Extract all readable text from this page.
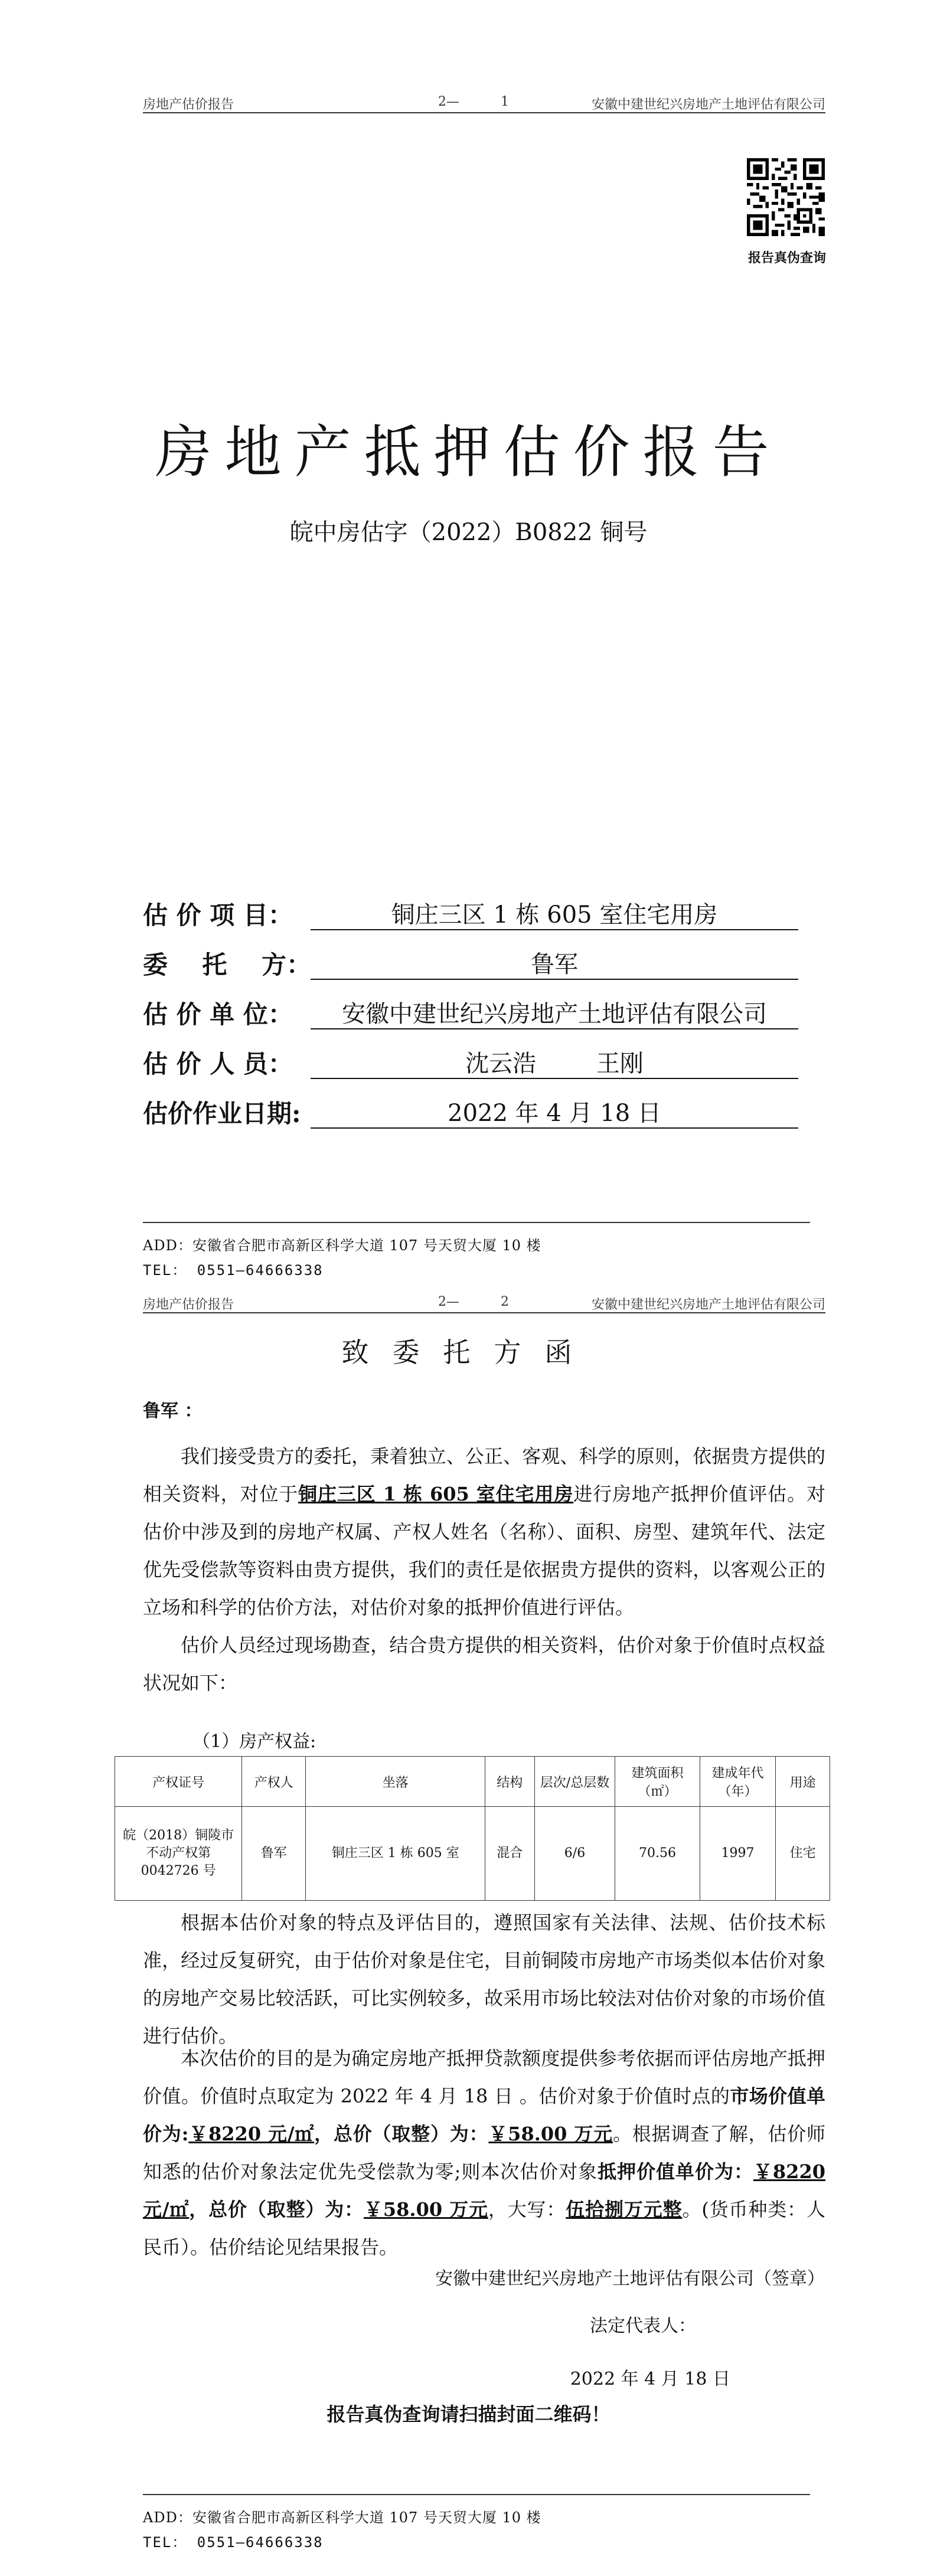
房地产估价报告	2—	1	安徽中建世纪兴房地产土地评估有限公司
报告真伪查询
房地产抵押估价报告
皖中房估字（2022）B0822 铜号
估 价 项 目：	铜庄三区 1 栋 605 室住宅用房
委    托    方：	鲁军
估 价 单 位：	安徽中建世纪兴房地产土地评估有限公司
估 价 人 员：	沈云浩        王刚
估价作业日期:	2022 年 4 月 18 日
ADD：安徽省合肥市高新区科学大道 107 号天贸大厦 10 楼
TEL： 0551—64666338
房地产估价报告	2—	2	安徽中建世纪兴房地产土地评估有限公司
致委托方函
鲁军 ：

我们接受贵方的委托，秉着独立、公正、客观、科学的原则，依据贵方提供的相关资料，对位于铜庄三区 1 栋 605 室住宅用房进行房地产抵押价值评估。对估价中涉及到的房地产权属、产权人姓名（名称）、面积、房型、建筑年代、法定优先受偿款等资料由贵方提供，我们的责任是依据贵方提供的资料，以客观公正的立场和科学的估价方法，对估价对象的抵押价值进行评估。

估价人员经过现场勘查，结合贵方提供的相关资料，估价对象于价值时点权益状况如下：

（1）房产权益:
产权证号	产权人	坐落	结构	层次/总层数	建筑面积（㎡）	建成年代（年）	用途
皖（2018）铜陵市不动产权第 0042726 号	鲁军	铜庄三区 1 栋 605 室	混合	6/6	70.56	1997	住宅

根据本估价对象的特点及评估目的，遵照国家有关法律、法规、估价技术标准，经过反复研究，由于估价对象是住宅，目前铜陵市房地产市场类似本估价对象的房地产交易比较活跃，可比实例较多，故采用市场比较法对估价对象的市场价值进行估价。

本次估价的目的是为确定房地产抵押贷款额度提供参考依据而评估房地产抵押价值。价值时点取定为 2022 年 4 月 18 日 。估价对象于价值时点的市场价值单价为:￥8220 元/㎡，总价（取整）为：￥58.00 万元。根据调查了解，估价师知悉的估价对象法定优先受偿款为零;则本次估价对象抵押价值单价为：￥8220 元/㎡，总价（取整）为：￥58.00 万元，大写：伍拾捌万元整。(货币种类：人民币）。估价结论见结果报告。

安徽中建世纪兴房地产土地评估有限公司（签章）
法定代表人：
2022 年 4 月 18 日
报告真伪查询请扫描封面二维码！
ADD：安徽省合肥市高新区科学大道 107 号天贸大厦 10 楼
TEL： 0551—64666338
